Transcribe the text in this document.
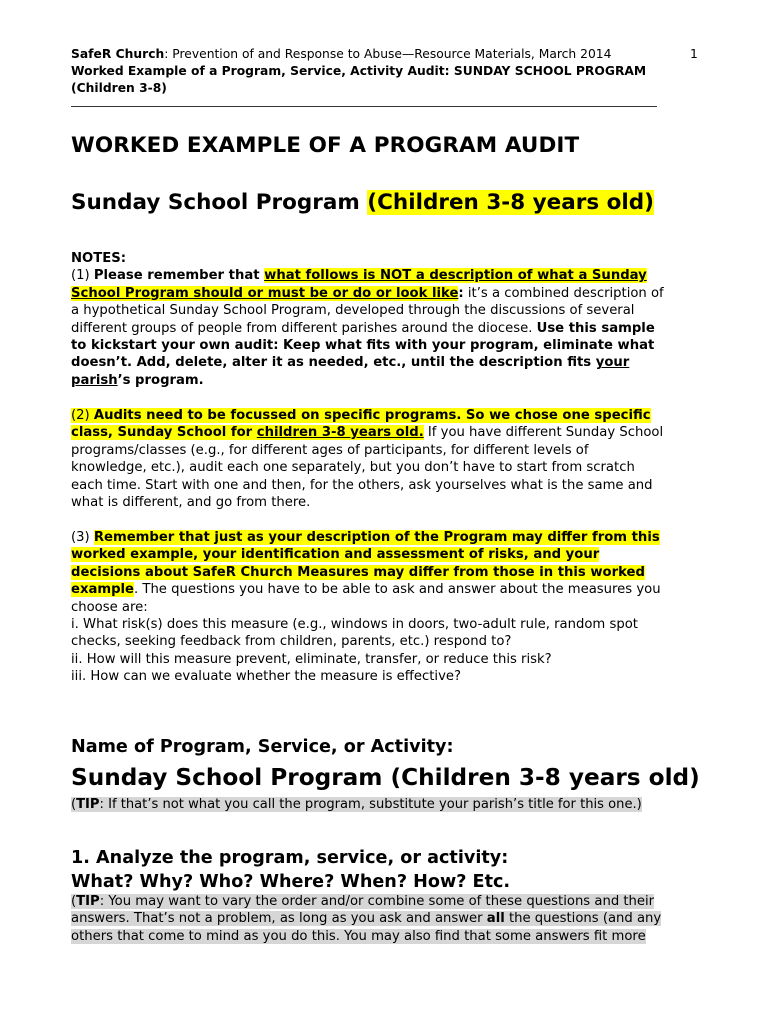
SafeR Church: Prevention of and Response to Abuse—Resource Materials, March 2014
Worked Example of a Program, Service, Activity Audit: SUNDAY SCHOOL PROGRAM
(Children 3-8)
1
WORKED EXAMPLE OF A PROGRAM AUDIT
Sunday School Program (Children 3-8 years old)
NOTES:
(1) Please remember that what follows is NOT a description of what a Sunday
School Program should or must be or do or look like: it’s a combined description of
a hypothetical Sunday School Program, developed through the discussions of several
different groups of people from different parishes around the diocese. Use this sample
to kickstart your own audit: Keep what fits with your program, eliminate what
doesn’t. Add, delete, alter it as needed, etc., until the description fits your
parish’s program.
(2) Audits need to be focussed on specific programs. So we chose one specific
class, Sunday School for children 3-8 years old. If you have different Sunday School
programs/classes (e.g., for different ages of participants, for different levels of
knowledge, etc.), audit each one separately, but you don’t have to start from scratch
each time. Start with one and then, for the others, ask yourselves what is the same and
what is different, and go from there.
(3) Remember that just as your description of the Program may differ from this
worked example, your identification and assessment of risks, and your
decisions about SafeR Church Measures may differ from those in this worked
example. The questions you have to be able to ask and answer about the measures you
choose are:
i. What risk(s) does this measure (e.g., windows in doors, two-adult rule, random spot
checks, seeking feedback from children, parents, etc.) respond to?
ii. How will this measure prevent, eliminate, transfer, or reduce this risk?
iii. How can we evaluate whether the measure is effective?
Name of Program, Service, or Activity:
Sunday School Program (Children 3-8 years old)
(TIP: If that’s not what you call the program, substitute your parish’s title for this one.)
1. Analyze the program, service, or activity:
What? Why? Who? Where? When? How? Etc.
(TIP: You may want to vary the order and/or combine some of these questions and their
answers. That’s not a problem, as long as you ask and answer all the questions (and any
others that come to mind as you do this. You may also find that some answers fit more
